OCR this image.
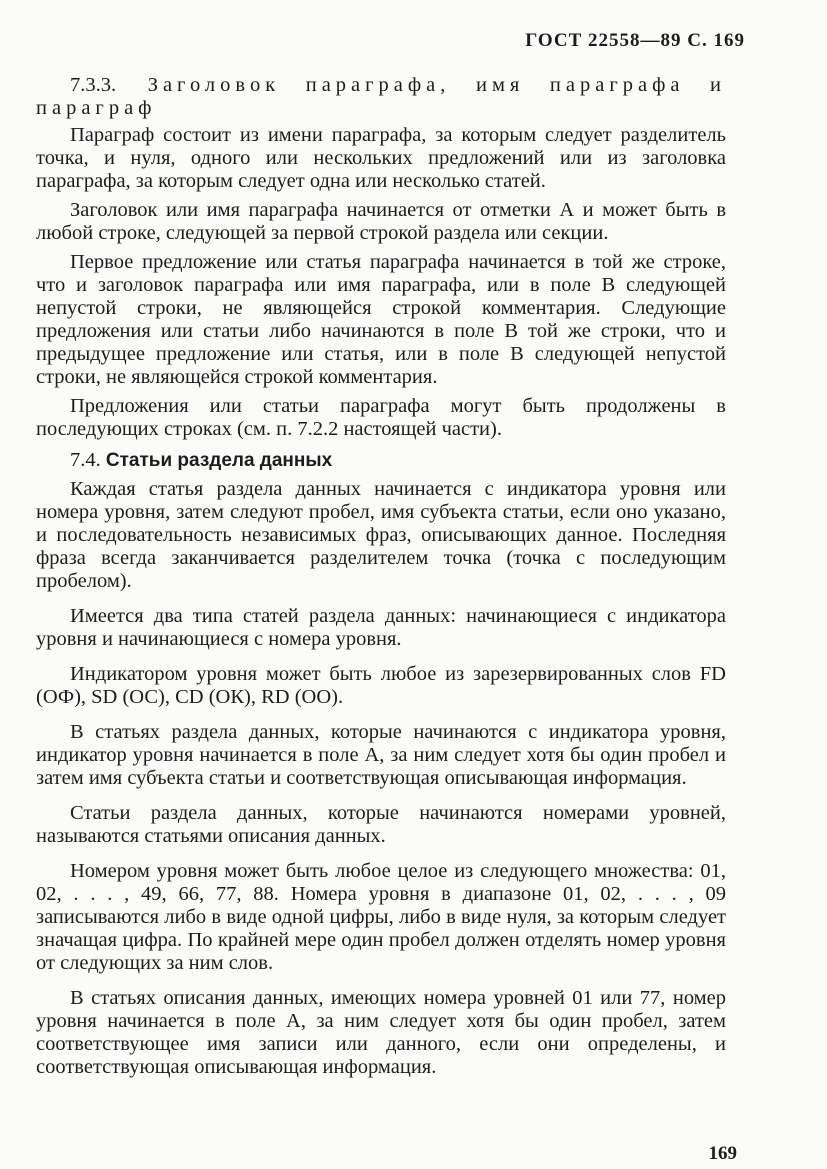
ГОСТ 22558—89 С. 169
7.3.3. Заголовок параграфа, имя параграфа и параграф

Параграф состоит из имени параграфа, за которым следует разделитель точка, и нуля, одного или нескольких предложений или из заголовка параграфа, за которым следует одна или несколько статей.

Заголовок или имя параграфа начинается от отметки А и может быть в любой строке, следующей за первой строкой раздела или секции.

Первое предложение или статья параграфа начинается в той же строке, что и заголовок параграфа или имя параграфа, или в поле В следующей непустой строки, не являющейся строкой комментария. Следующие предложения или статьи либо начинаются в поле В той же строки, что и предыдущее предложение или статья, или в поле В следующей непустой строки, не являющейся строкой комментария.

Предложения или статьи параграфа могут быть продолжены в последующих строках (см. п. 7.2.2 настоящей части).

7.4. Статьи раздела данных

Каждая статья раздела данных начинается с индикатора уровня или номера уровня, затем следуют пробел, имя субъекта статьи, если оно указано, и последовательность независимых фраз, описывающих данное. Последняя фраза всегда заканчивается разделителем точка (точка с последующим пробелом).

Имеется два типа статей раздела данных: начинающиеся с индикатора уровня и начинающиеся с номера уровня.

Индикатором уровня может быть любое из зарезервированных слов FD (ОФ), SD (ОС), CD (ОК), RD (ОО).

В статьях раздела данных, которые начинаются с индикатора уровня, индикатор уровня начинается в поле А, за ним следует хотя бы один пробел и затем имя субъекта статьи и соответствующая описывающая информация.

Статьи раздела данных, которые начинаются номерами уровней, называются статьями описания данных.

Номером уровня может быть любое целое из следующего множества: 01, 02, . . . , 49, 66, 77, 88. Номера уровня в диапазоне 01, 02, . . . , 09 записываются либо в виде одной цифры, либо в виде нуля, за которым следует значащая цифра. По крайней мере один пробел должен отделять номер уровня от следующих за ним слов.

В статьях описания данных, имеющих номера уровней 01 или 77, номер уровня начинается в поле А, за ним следует хотя бы один пробел, затем соответствующее имя записи или данного, если они определены, и соответствующая описывающая информация.

169
